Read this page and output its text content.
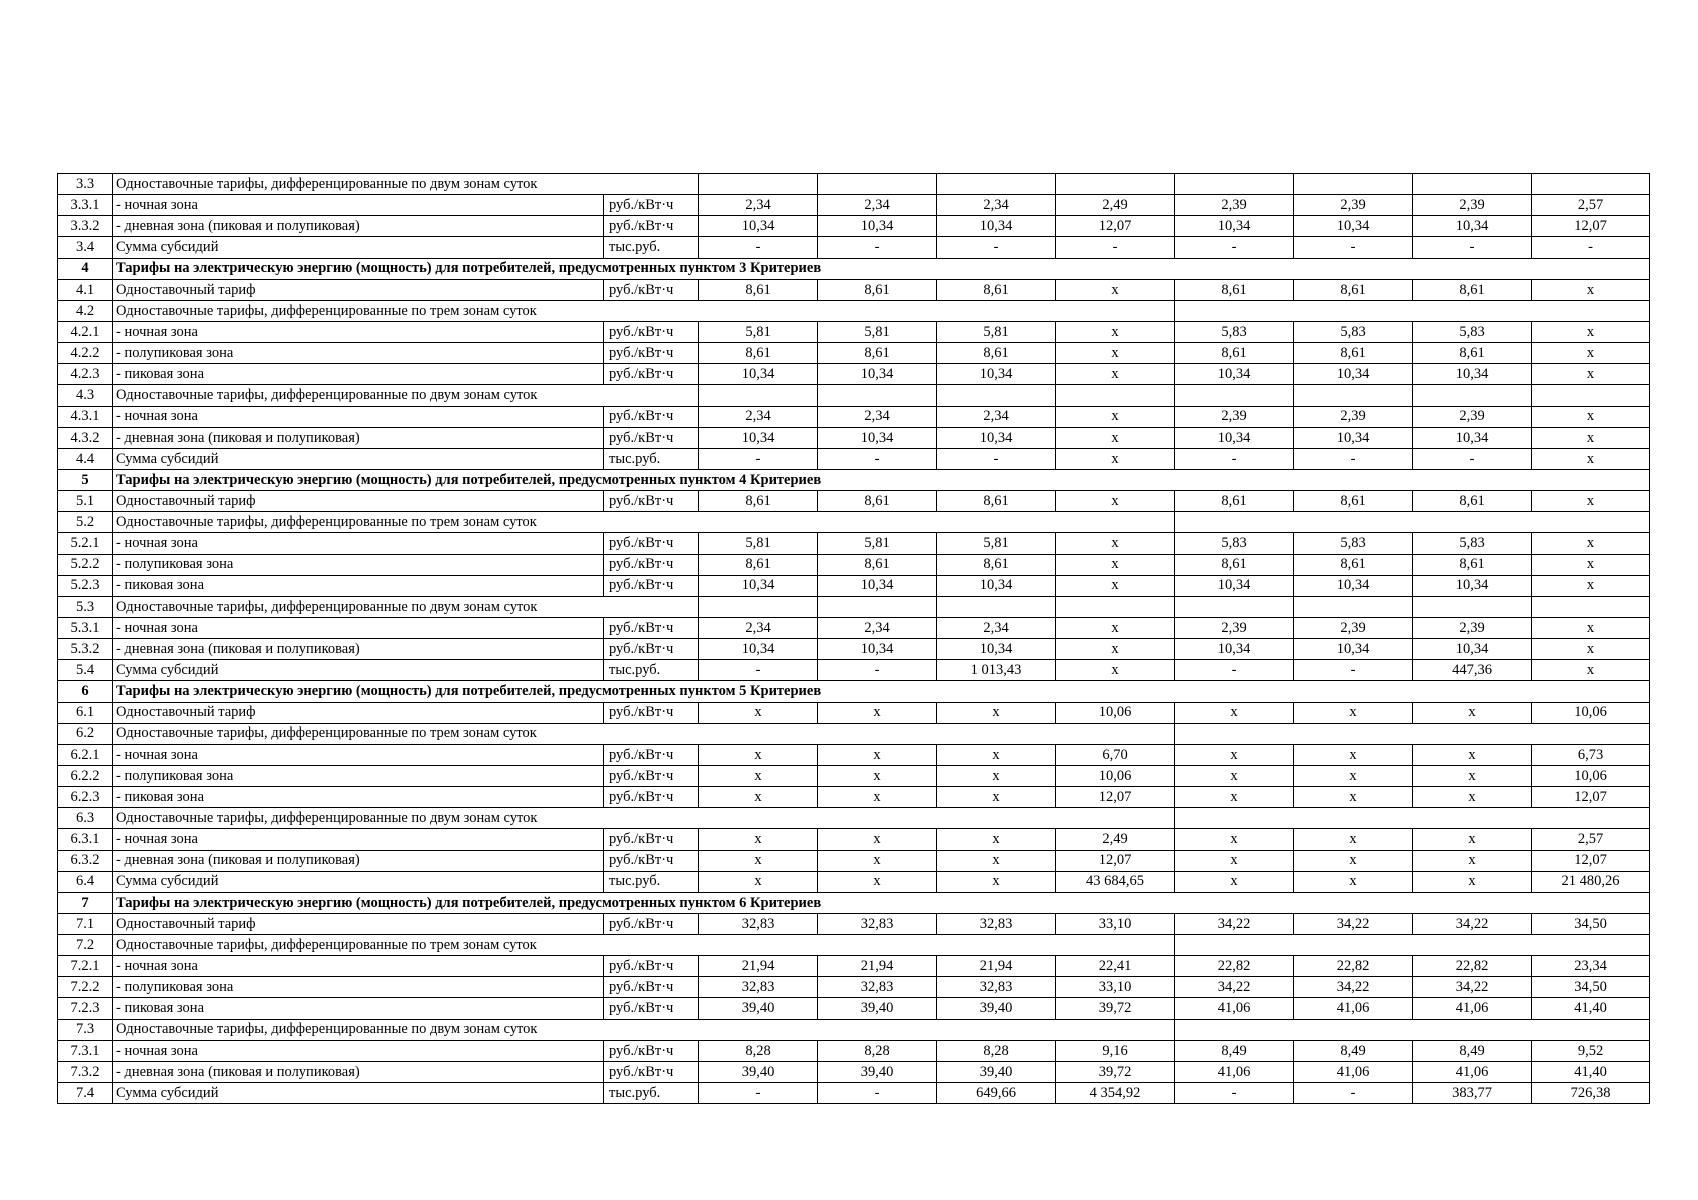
3.3	Одноставочные тарифы, дифференцированные по двум зонам суток									
3.3.1	- ночная зона	руб./кВт·ч	2,34	2,34	2,34	2,49	2,39	2,39	2,39	2,57
3.3.2	- дневная зона (пиковая и полупиковая)	руб./кВт·ч	10,34	10,34	10,34	12,07	10,34	10,34	10,34	12,07
3.4	Сумма субсидий	тыс.руб.	-	-	-	-	-	-	-	-
4	Тарифы на электрическую энергию (мощность) для потребителей, предусмотренных пунктом 3 Критериев									
4.1	Одноставочный тариф	руб./кВт·ч	8,61	8,61	8,61	x	8,61	8,61	8,61	x
4.2	Одноставочные тарифы, дифференцированные по трем зонам суток									
4.2.1	- ночная зона	руб./кВт·ч	5,81	5,81	5,81	x	5,83	5,83	5,83	x
4.2.2	- полупиковая зона	руб./кВт·ч	8,61	8,61	8,61	x	8,61	8,61	8,61	x
4.2.3	- пиковая зона	руб./кВт·ч	10,34	10,34	10,34	x	10,34	10,34	10,34	x
4.3	Одноставочные тарифы, дифференцированные по двум зонам суток									
4.3.1	- ночная зона	руб./кВт·ч	2,34	2,34	2,34	x	2,39	2,39	2,39	x
4.3.2	- дневная зона (пиковая и полупиковая)	руб./кВт·ч	10,34	10,34	10,34	x	10,34	10,34	10,34	x
4.4	Сумма субсидий	тыс.руб.	-	-	-	x	-	-	-	x
5	Тарифы на электрическую энергию (мощность) для потребителей, предусмотренных пунктом 4 Критериев									
5.1	Одноставочный тариф	руб./кВт·ч	8,61	8,61	8,61	x	8,61	8,61	8,61	x
5.2	Одноставочные тарифы, дифференцированные по трем зонам суток									
5.2.1	- ночная зона	руб./кВт·ч	5,81	5,81	5,81	x	5,83	5,83	5,83	x
5.2.2	- полупиковая зона	руб./кВт·ч	8,61	8,61	8,61	x	8,61	8,61	8,61	x
5.2.3	- пиковая зона	руб./кВт·ч	10,34	10,34	10,34	x	10,34	10,34	10,34	x
5.3	Одноставочные тарифы, дифференцированные по двум зонам суток									
5.3.1	- ночная зона	руб./кВт·ч	2,34	2,34	2,34	x	2,39	2,39	2,39	x
5.3.2	- дневная зона (пиковая и полупиковая)	руб./кВт·ч	10,34	10,34	10,34	x	10,34	10,34	10,34	x
5.4	Сумма субсидий	тыс.руб.	-	-	1 013,43	x	-	-	447,36	x
6	Тарифы на электрическую энергию (мощность) для потребителей, предусмотренных пунктом 5 Критериев									
6.1	Одноставочный тариф	руб./кВт·ч	x	x	x	10,06	x	x	x	10,06
6.2	Одноставочные тарифы, дифференцированные по трем зонам суток									
6.2.1	- ночная зона	руб./кВт·ч	x	x	x	6,70	x	x	x	6,73
6.2.2	- полупиковая зона	руб./кВт·ч	x	x	x	10,06	x	x	x	10,06
6.2.3	- пиковая зона	руб./кВт·ч	x	x	x	12,07	x	x	x	12,07
6.3	Одноставочные тарифы, дифференцированные по двум зонам суток									
6.3.1	- ночная зона	руб./кВт·ч	x	x	x	2,49	x	x	x	2,57
6.3.2	- дневная зона (пиковая и полупиковая)	руб./кВт·ч	x	x	x	12,07	x	x	x	12,07
6.4	Сумма субсидий	тыс.руб.	x	x	x	43 684,65	x	x	x	21 480,26
7	Тарифы на электрическую энергию (мощность) для потребителей, предусмотренных пунктом 6 Критериев									
7.1	Одноставочный тариф	руб./кВт·ч	32,83	32,83	32,83	33,10	34,22	34,22	34,22	34,50
7.2	Одноставочные тарифы, дифференцированные по трем зонам суток									
7.2.1	- ночная зона	руб./кВт·ч	21,94	21,94	21,94	22,41	22,82	22,82	22,82	23,34
7.2.2	- полупиковая зона	руб./кВт·ч	32,83	32,83	32,83	33,10	34,22	34,22	34,22	34,50
7.2.3	- пиковая зона	руб./кВт·ч	39,40	39,40	39,40	39,72	41,06	41,06	41,06	41,40
7.3	Одноставочные тарифы, дифференцированные по двум зонам суток									
7.3.1	- ночная зона	руб./кВт·ч	8,28	8,28	8,28	9,16	8,49	8,49	8,49	9,52
7.3.2	- дневная зона (пиковая и полупиковая)	руб./кВт·ч	39,40	39,40	39,40	39,72	41,06	41,06	41,06	41,40
7.4	Сумма субсидий	тыс.руб.	-	-	649,66	4 354,92	-	-	383,77	726,38
